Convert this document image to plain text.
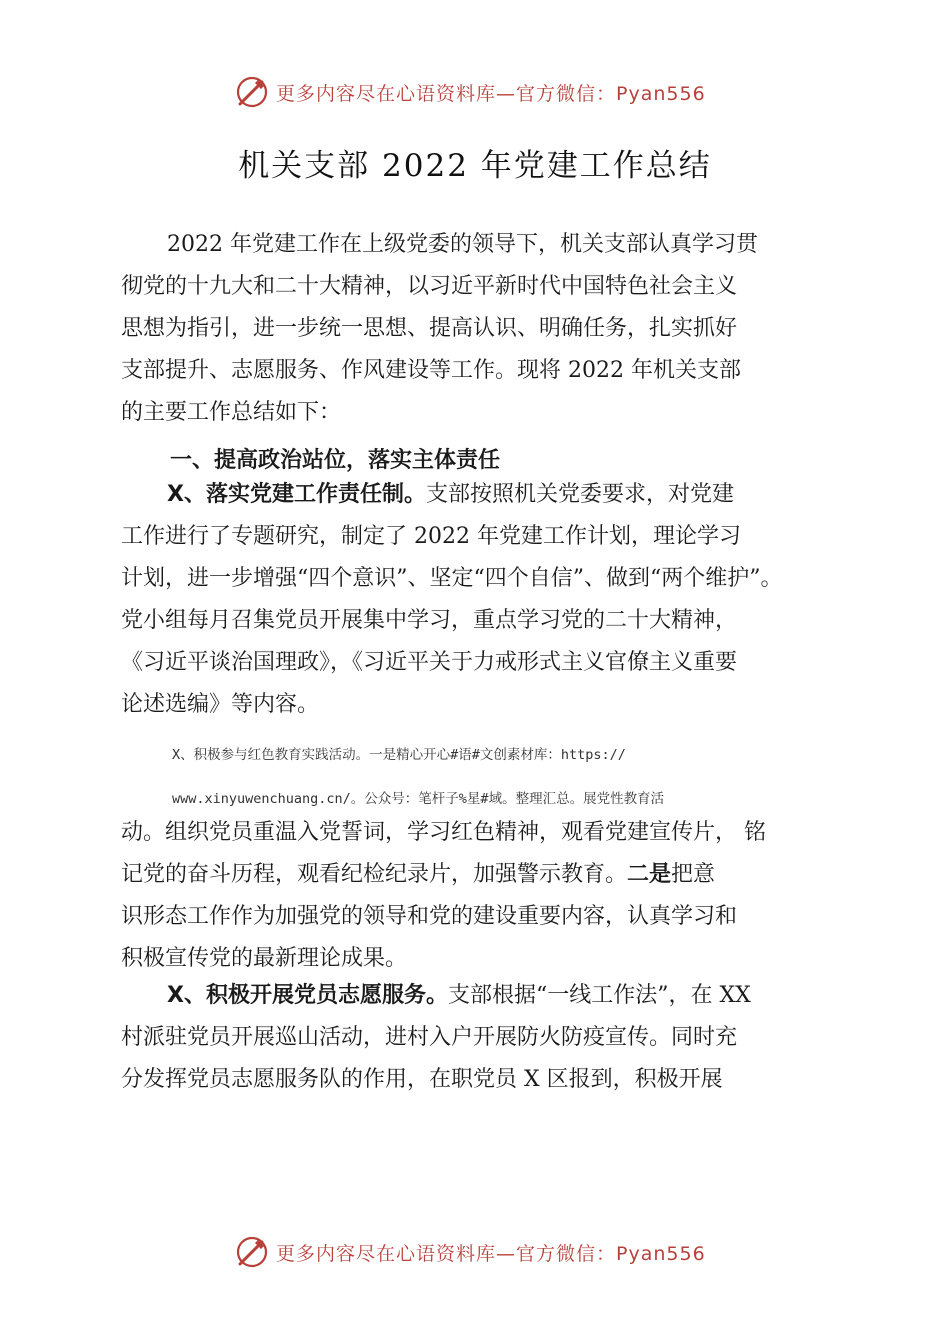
更多内容尽在心语资料库—官方微信：Pyan556
机关支部 2022 年党建工作总结
2022 年党建工作在上级党委的领导下，机关支部认真学习贯
彻党的十九大和二十大精神，以习近平新时代中国特色社会主义
思想为指引，进一步统一思想、提高认识、明确任务，扎实抓好
支部提升、志愿服务、作风建设等工作。现将 2022 年机关支部
的主要工作总结如下：
一、提高政治站位，落实主体责任
X、落实党建工作责任制。支部按照机关党委要求，对党建
工作进行了专题研究，制定了 2022 年党建工作计划，理论学习
计划，进一步增强“四个意识”、坚定“四个自信”、做到“两个维护”。
党小组每月召集党员开展集中学习，重点学习党的二十大精神，
《习近平谈治国理政》，《习近平关于力戒形式主义官僚主义重要
论述选编》等内容。
X、积极参与红色教育实践活动。一是精心开心#语#文创素材库：https://
www.xinyuwenchuang.cn/。公众号：笔杆子%星#域。整理汇总。展党性教育活
动。组织党员重温入党誓词，学习红色精神，观看党建宣传片， 铭
记党的奋斗历程，观看纪检纪录片，加强警示教育。二是把意
识形态工作作为加强党的领导和党的建设重要内容，认真学习和
积极宣传党的最新理论成果。
X、积极开展党员志愿服务。支部根据“一线工作法”，在 XX
村派驻党员开展巡山活动，进村入户开展防火防疫宣传。同时充
分发挥党员志愿服务队的作用，在职党员 X 区报到，积极开展
更多内容尽在心语资料库—官方微信：Pyan556
